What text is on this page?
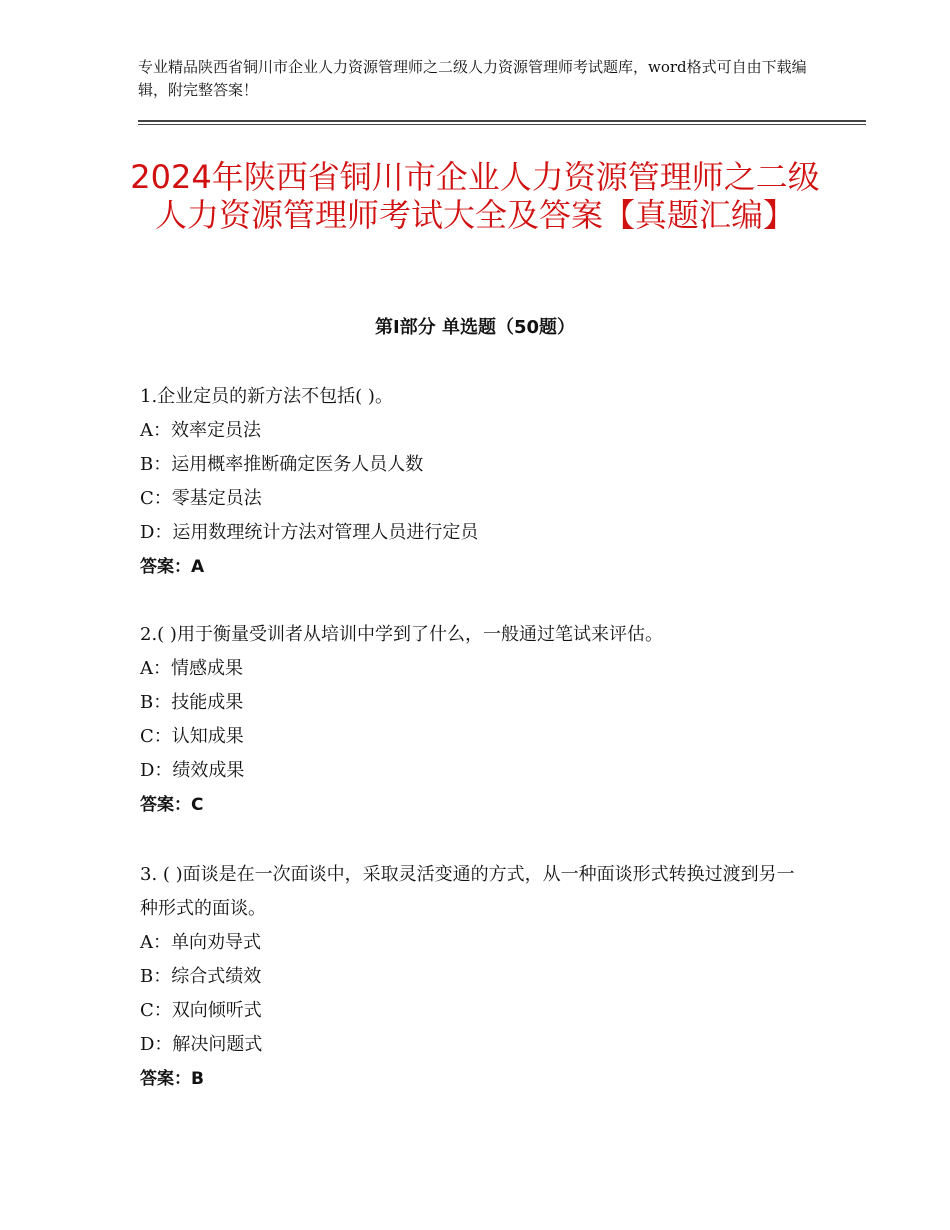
专业精品陕西省铜川市企业人力资源管理师之二级人力资源管理师考试题库，word格式可自由下载编辑，附完整答案！
2024年陕西省铜川市企业人力资源管理师之二级人力资源管理师考试大全及答案【真题汇编】
第Ⅰ部分 单选题（50题）
1.企业定员的新方法不包括( )。
A：效率定员法
B：运用概率推断确定医务人员人数
C：零基定员法
D：运用数理统计方法对管理人员进行定员
答案：A
2.( )用于衡量受训者从培训中学到了什么，一般通过笔试来评估。
A：情感成果
B：技能成果
C：认知成果
D：绩效成果
答案：C
3. ( )面谈是在一次面谈中，采取灵活变通的方式，从一种面谈形式转换过渡到另一种形式的面谈。
A：单向劝导式
B：综合式绩效
C：双向倾听式
D：解决问题式
答案：B
